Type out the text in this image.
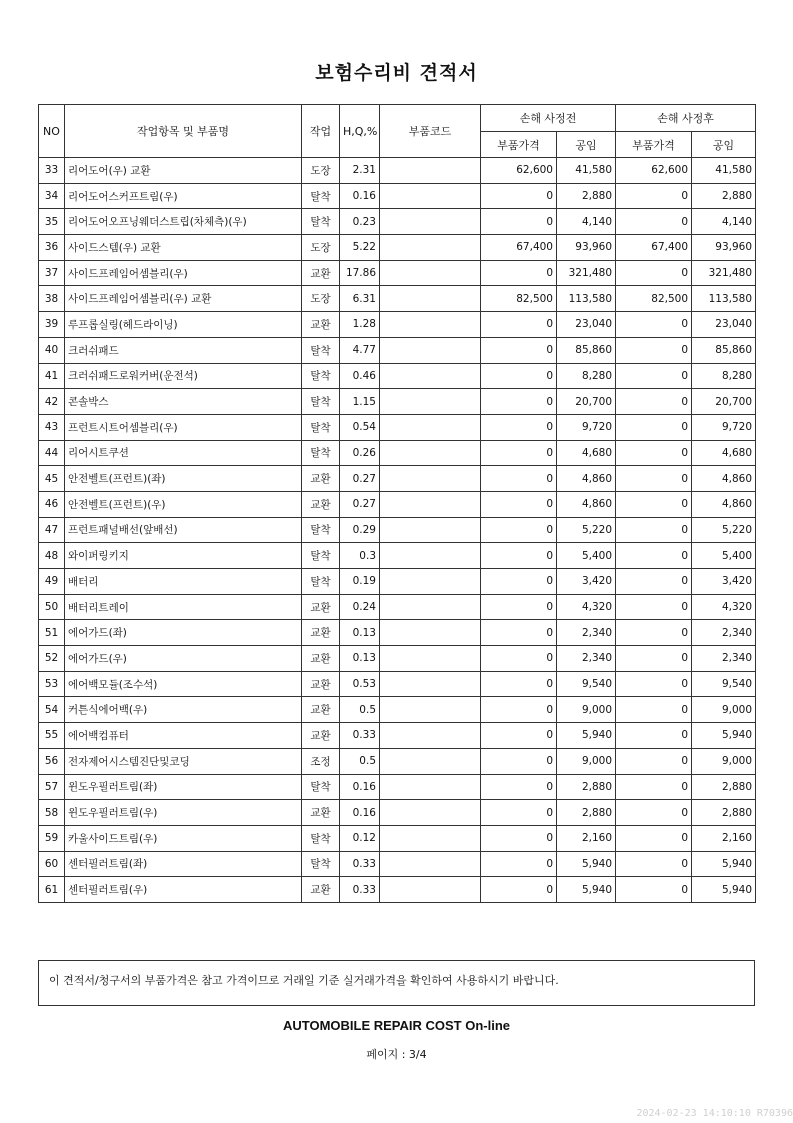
보험수리비 견적서
NO	작업항목 및 부품명	작업	H,Q,%	부품코드	손해 사정전		손해 사정후	
					부품가격	공임	부품가격	공임
33	리어도어(우) 교환	도장	2.31		62,600	41,580	62,600	41,580
34	리어도어스커프트림(우)	탈착	0.16		0	2,880	0	2,880
35	리어도어오프닝웨더스트립(차체측)(우)	탈착	0.23		0	4,140	0	4,140
36	사이드스템(우) 교환	도장	5.22		67,400	93,960	67,400	93,960
37	사이드프레임어셈블리(우)	교환	17.86		0	321,480	0	321,480
38	사이드프레임어셈블리(우) 교환	도장	6.31		82,500	113,580	82,500	113,580
39	루프롭실링(헤드라이닝)	교환	1.28		0	23,040	0	23,040
40	크러쉬패드	탈착	4.77		0	85,860	0	85,860
41	크러쉬패드로워커버(운전석)	탈착	0.46		0	8,280	0	8,280
42	콘솔박스	탈착	1.15		0	20,700	0	20,700
43	프런트시트어셈블리(우)	탈착	0.54		0	9,720	0	9,720
44	리어시트쿠션	탈착	0.26		0	4,680	0	4,680
45	안전벨트(프런트)(좌)	교환	0.27		0	4,860	0	4,860
46	안전벨트(프런트)(우)	교환	0.27		0	4,860	0	4,860
47	프런트패널배선(앞배선)	탈착	0.29		0	5,220	0	5,220
48	와이퍼링키지	탈착	0.3		0	5,400	0	5,400
49	배터리	탈착	0.19		0	3,420	0	3,420
50	배터리트레이	교환	0.24		0	4,320	0	4,320
51	에어가드(좌)	교환	0.13		0	2,340	0	2,340
52	에어가드(우)	교환	0.13		0	2,340	0	2,340
53	에어백모듈(조수석)	교환	0.53		0	9,540	0	9,540
54	커튼식에어백(우)	교환	0.5		0	9,000	0	9,000
55	에어백컴퓨터	교환	0.33		0	5,940	0	5,940
56	전자제어시스템진단및코딩	조정	0.5		0	9,000	0	9,000
57	윈도우필러트림(좌)	탈착	0.16		0	2,880	0	2,880
58	윈도우필러트림(우)	교환	0.16		0	2,880	0	2,880
59	카울사이드트림(우)	탈착	0.12		0	2,160	0	2,160
60	센터필러트림(좌)	탈착	0.33		0	5,940	0	5,940
61	센터필러트림(우)	교환	0.33		0	5,940	0	5,940
이 견적서/청구서의 부품가격은 참고 가격이므로 거래일 기준 실거래가격을 확인하여 사용하시기 바랍니다.
AUTOMOBILE REPAIR COST On-line
페이지 : 3/4
2024-02-23 14:10:10 R70396
